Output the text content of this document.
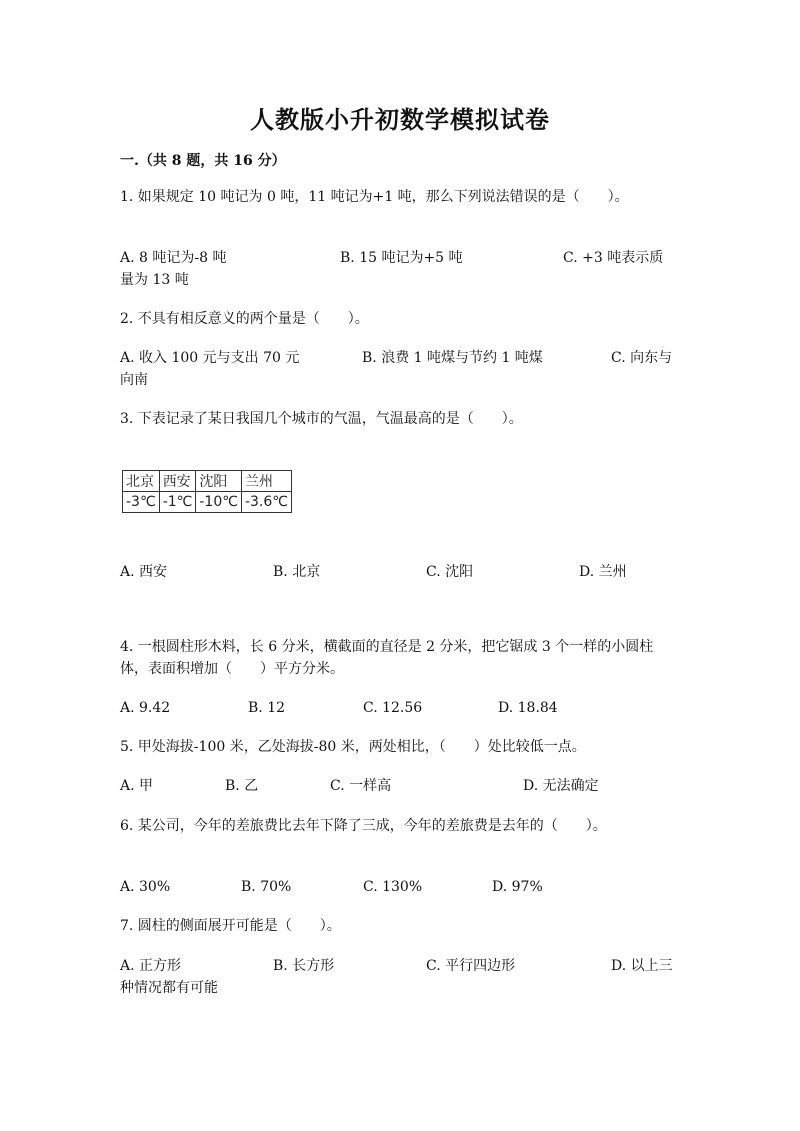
人教版小升初数学模拟试卷
一.（共 8 题，共 16 分）
1. 如果规定 10 吨记为 0 吨，11 吨记为+1 吨，那么下列说法错误的是（　　）。
A. 8 吨记为-8 吨	B. 15 吨记为+5 吨	C. +3 吨表示质
量为 13 吨
2. 不具有相反意义的两个量是（　　）。
A. 收入 100 元与支出 70 元	B. 浪费 1 吨煤与节约 1 吨煤	C. 向东与
向南
3. 下表记录了某日我国几个城市的气温，气温最高的是（　　）。
北京	西安	沈阳	兰州
-3℃	-1℃	-10℃	-3.6℃
A. 西安	B. 北京	C. 沈阳	D. 兰州
4. 一根圆柱形木料，长 6 分米，横截面的直径是 2 分米，把它锯成 3 个一样的小圆柱体，表面积增加（　　）平方分米。
A. 9.42	B. 12	C. 12.56	D. 18.84
5. 甲处海拔-100 米，乙处海拔-80 米，两处相比，（　　）处比较低一点。
A. 甲	B. 乙	C. 一样高	D. 无法确定
6. 某公司，今年的差旅费比去年下降了三成，今年的差旅费是去年的（　　）。
A. 30%	B. 70%	C. 130%	D. 97%
7. 圆柱的侧面展开可能是（　　）。
A. 正方形	B. 长方形	C. 平行四边形	D. 以上三
种情况都有可能
